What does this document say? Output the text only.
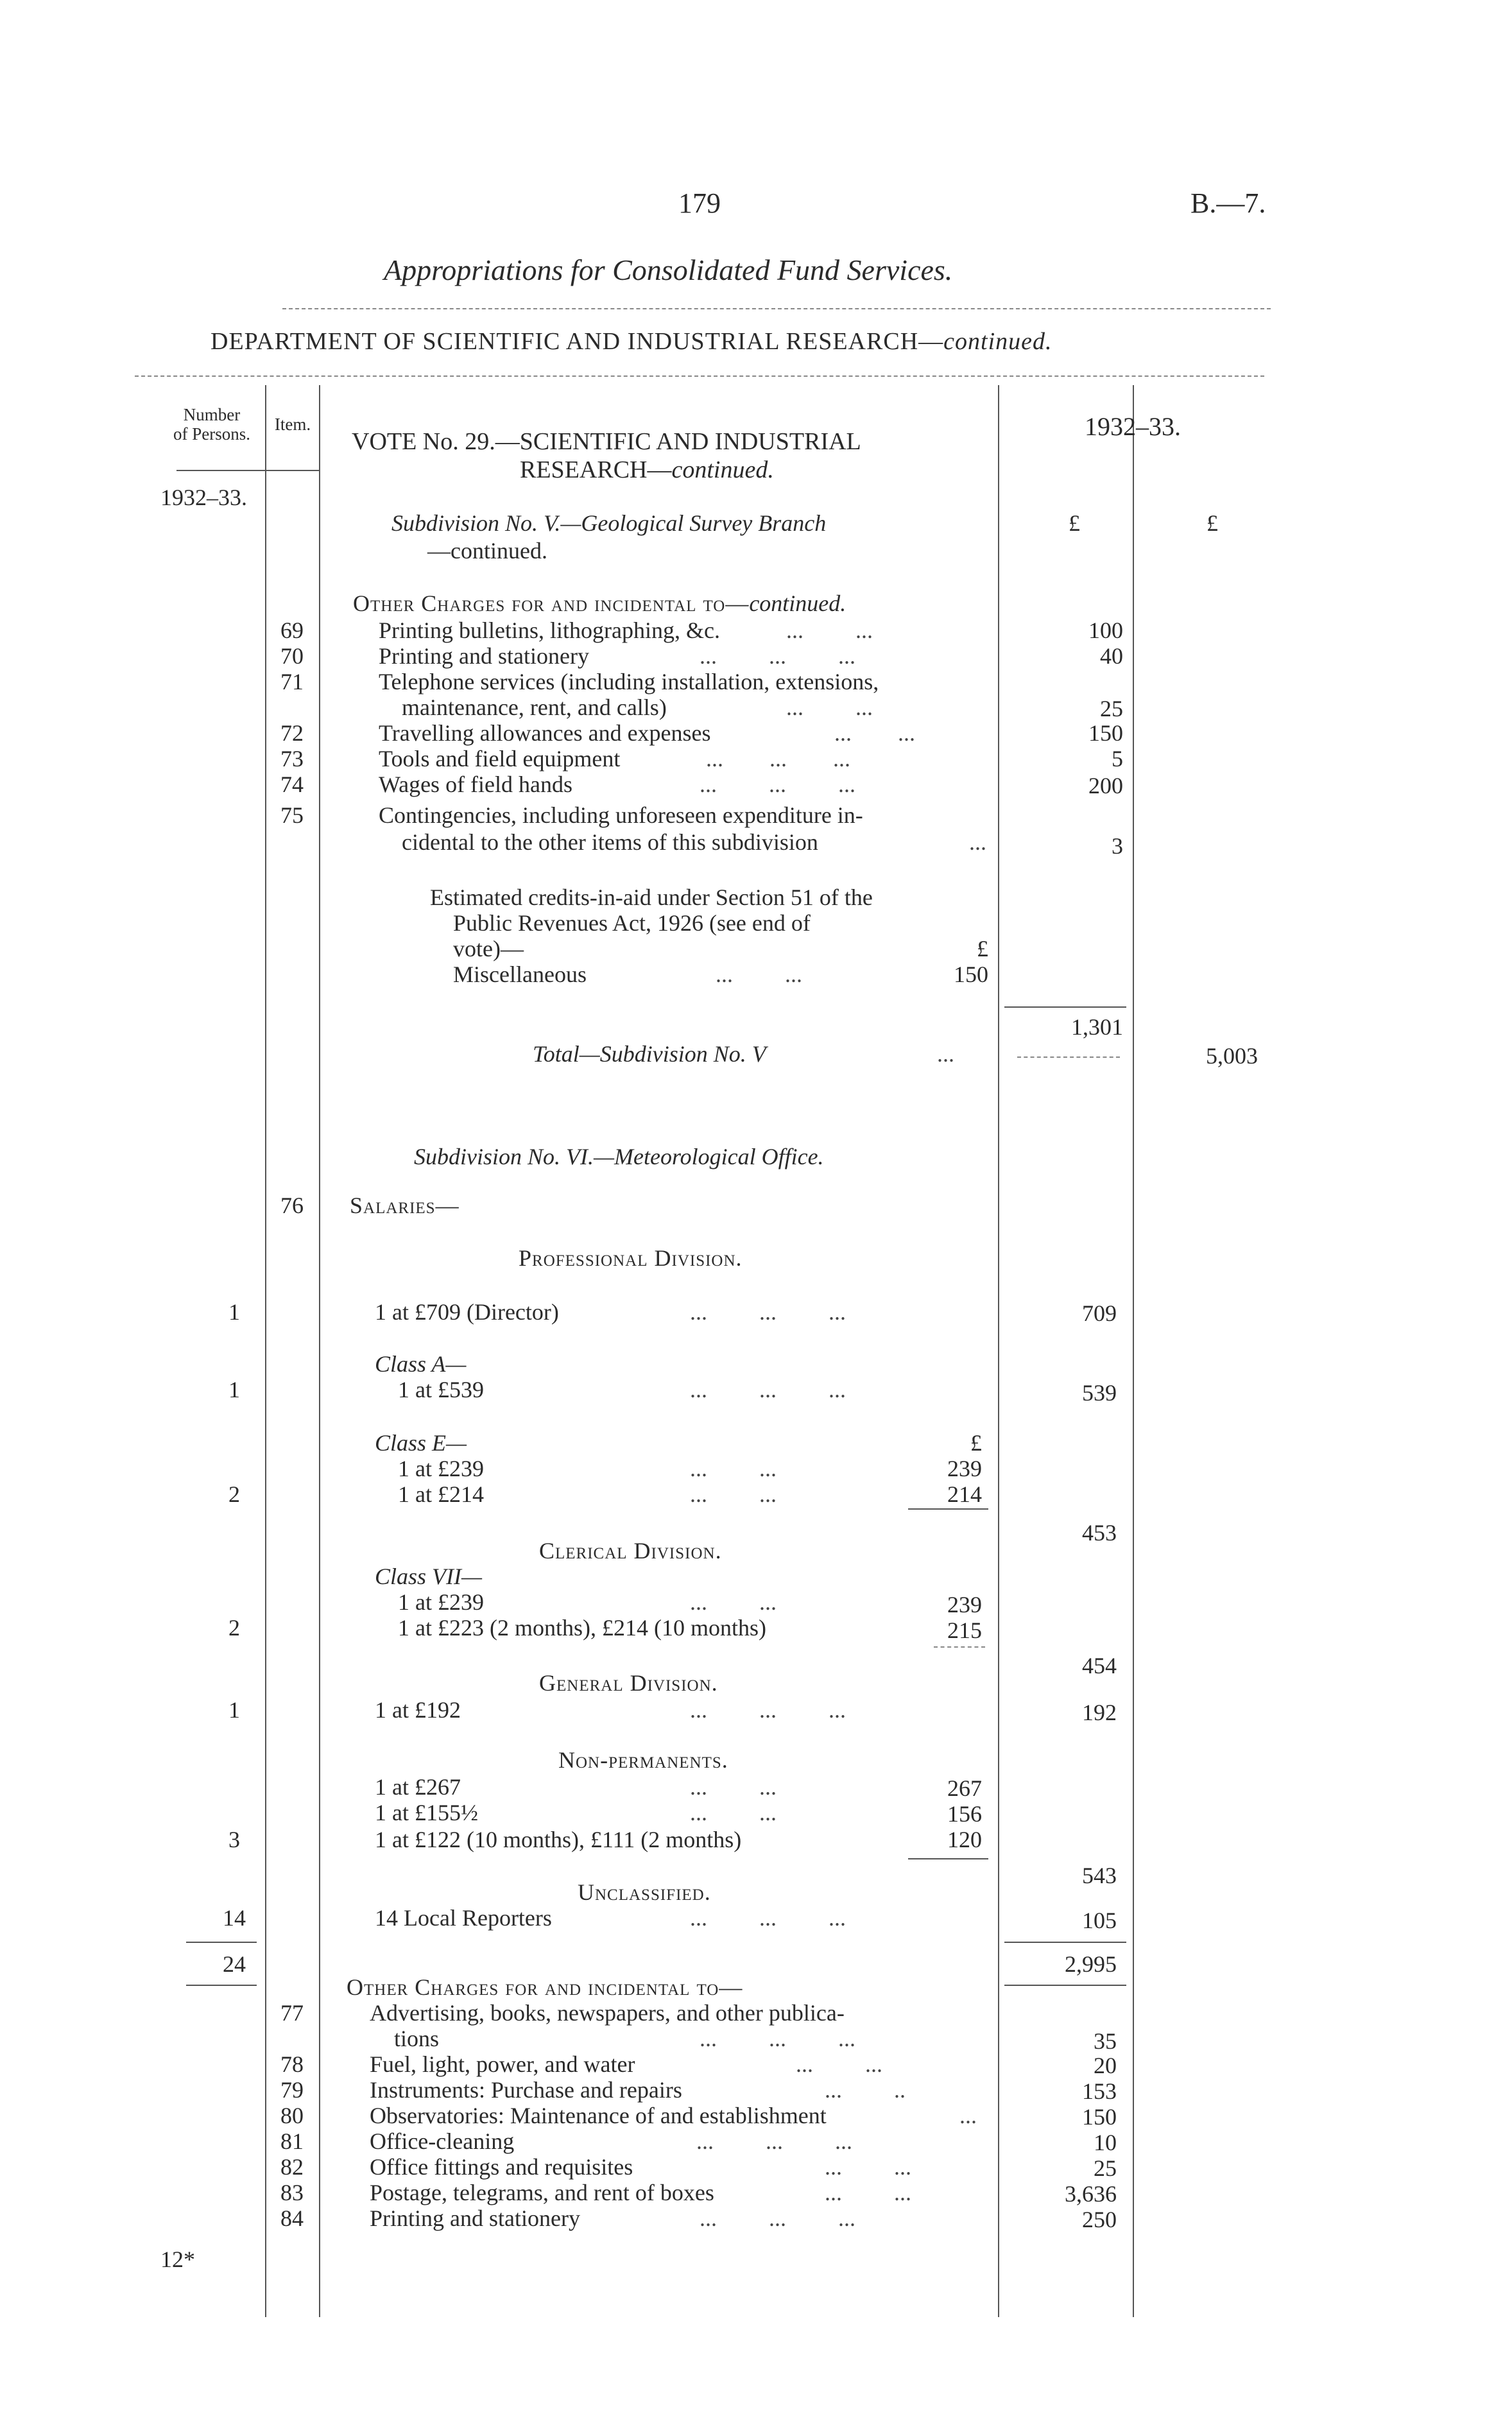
179	B.—7.
Appropriations for Consolidated Fund Services.
DEPARTMENT OF SCIENTIFIC AND INDUSTRIAL RESEARCH—continued.
Number
of Persons.	Item.
1932–33.
VOTE No. 29.—SCIENTIFIC AND INDUSTRIAL
RESEARCH—continued.
1932–33.
£	£
Subdivision No. V.—Geological Survey Branch
—continued.
Other Charges for and incidental to—continued.
69	Printing bulletins, lithographing, &c.	...         ...	100
70	Printing and stationery	...         ...         ...	40
71	Telephone services (including installation, extensions,
maintenance, rent, and calls)	...         ...	25
72	Travelling allowances and expenses	...        ...	150
73	Tools and field equipment	...        ...        ...	5
74	Wages of field hands	...         ...         ...	200
75	Contingencies, including unforeseen expenditure in-
cidental to the other items of this subdivision	...	3
Estimated credits-in-aid under Section 51 of the
Public Revenues Act, 1926 (see end of
vote)—	£
Miscellaneous	...         ...	150
1,301
Total—Subdivision No. V	...	5,003
Subdivision No. VI.—Meteorological Office.
76	Salaries—
Professional Division.
1	1 at £709 (Director)	...         ...         ...	709
Class A—
1	1 at £539	...         ...         ...	539
Class E—	£
1 at £239	...         ...	239
2	1 at £214	...         ...	214
453
Clerical Division.
Class VII—
1 at £239	...         ...	239
2	1 at £223 (2 months), £214 (10 months)	215
454
General Division.
1	1 at £192	...         ...         ...	192
Non-permanents.
1 at £267	...         ...	267
1 at £155½	...         ...	156
3	1 at £122 (10 months), £111 (2 months)	120
543
Unclassified.
14	14 Local Reporters	...         ...         ...	105
24	2,995
Other Charges for and incidental to—
77	Advertising, books, newspapers, and other publica-
tions	...         ...         ...	35
78	Fuel, light, power, and water	...         ...	20
79	Instruments: Purchase and repairs	...         ..	153
80	Observatories: Maintenance of and establishment	...	150
81	Office-cleaning	...         ...         ...	10
82	Office fittings and requisites	...         ...	25
83	Postage, telegrams, and rent of boxes	...         ...	3,636
84	Printing and stationery	...         ...         ...	250
12*
